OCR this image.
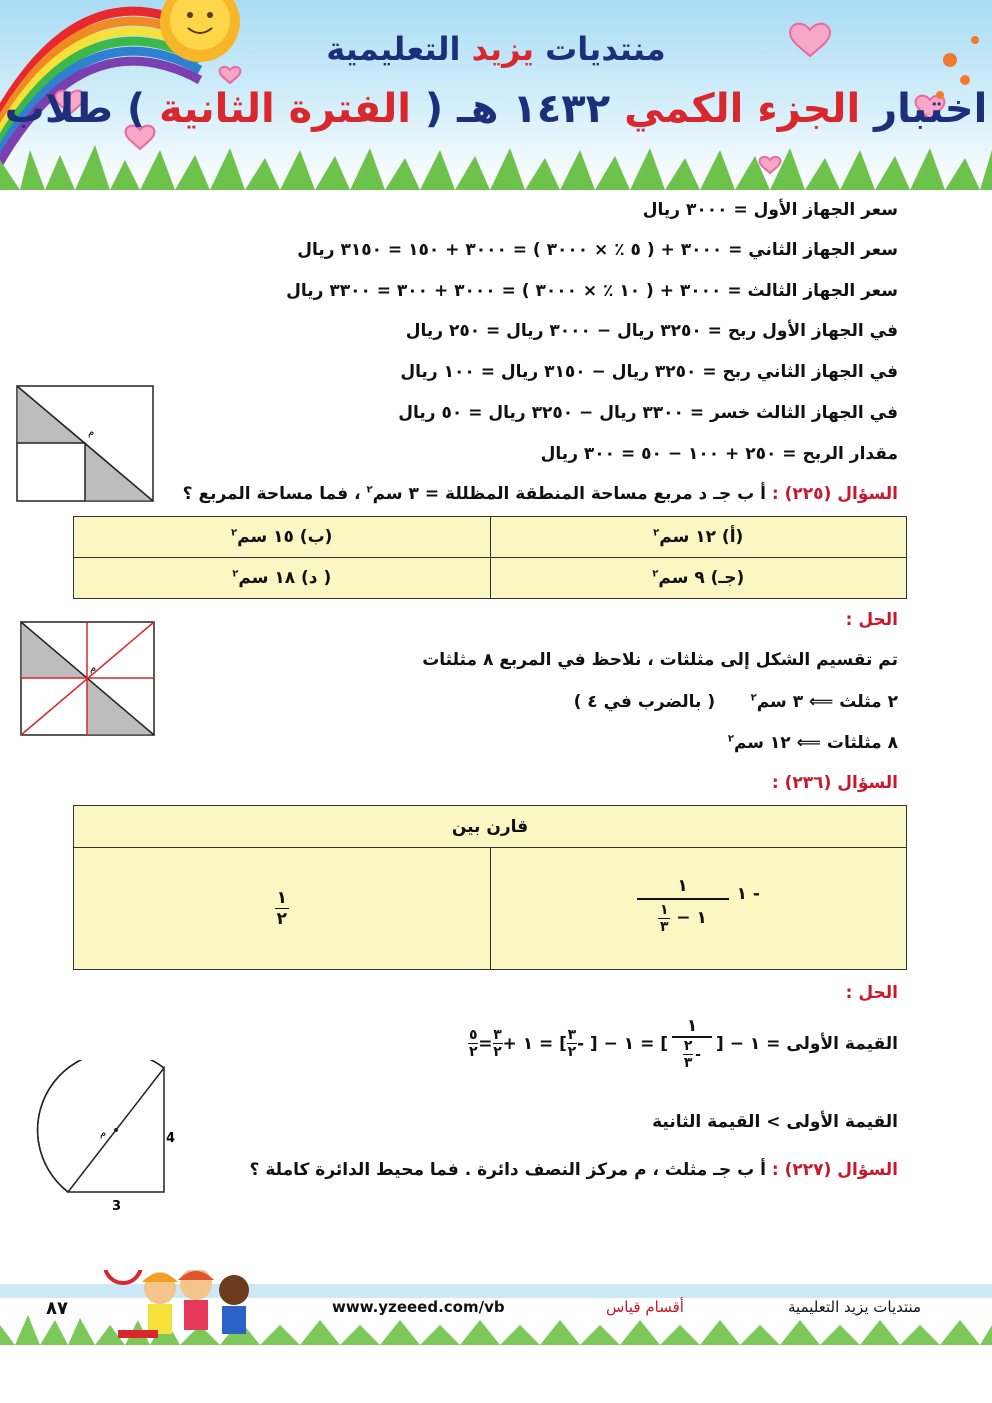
منتديات يزيد التعليمية
اختبار الجزء الكمي ١٤٣٢ هـ ( الفترة الثانية ) طلاب
سعر الجهاز الأول = ٣٠٠٠ ريال
سعر الجهاز الثاني = ٣٠٠٠ + ( ٥ ٪ × ٣٠٠٠ ) = ٣٠٠٠ + ١٥٠ = ٣١٥٠ ريال
سعر الجهاز الثالث = ٣٠٠٠ + ( ١٠ ٪ × ٣٠٠٠ ) = ٣٠٠٠ + ٣٠٠ = ٣٣٠٠ ريال
في الجهاز الأول ربح = ٣٢٥٠ ريال − ٣٠٠٠ ريال = ٢٥٠ ريال
في الجهاز الثاني ربح = ٣٢٥٠ ريال − ٣١٥٠ ريال = ١٠٠ ريال
في الجهاز الثالث خسر = ٣٣٠٠ ريال − ٣٢٥٠ ريال = ٥٠ ريال
مقدار الربح = ٢٥٠ + ١٠٠ − ٥٠ = ٣٠٠ ريال
م
السؤال (٢٢٥) : أ ب جـ د مربع مساحة المنطقة المظللة = ٣ سم$^٢$ ، فما مساحة المربع ؟
(أ) ١٢ سم$^٢$	(ب) ١٥ سم$^٢$
(جـ) ٩ سم$^٢$	( د) ١٨ سم$^٢$
الحل :
تم تقسيم الشكل إلى مثلثات ، نلاحظ في المربع ٨ مثلثات
٢ مثلث ⟸ ٣ سم$^٢$      ( بالضرب في ٤ )
٨ مثلثات ⟸ ١٢ سم$^٢$
م
السؤال (٢٣٦) :
قارن بين

١ -
١
١
٣ − ١

١
٢
الحل :
القيمة الأولى = ١ − [
١
٢
٣
-
] = ١ − [ -
٣
٢
] = ١ +
٣
٢
=
٥
٢
القيمة الأولى > القيمة الثانية
السؤال (٢٢٧) : أ ب جـ مثلث ، م مركز النصف دائرة . فما محيط الدائرة كاملة ؟
م	4
3
٨٧	www.yzeeed.com/vb	أقسام قياس	منتديات يزيد التعليمية
